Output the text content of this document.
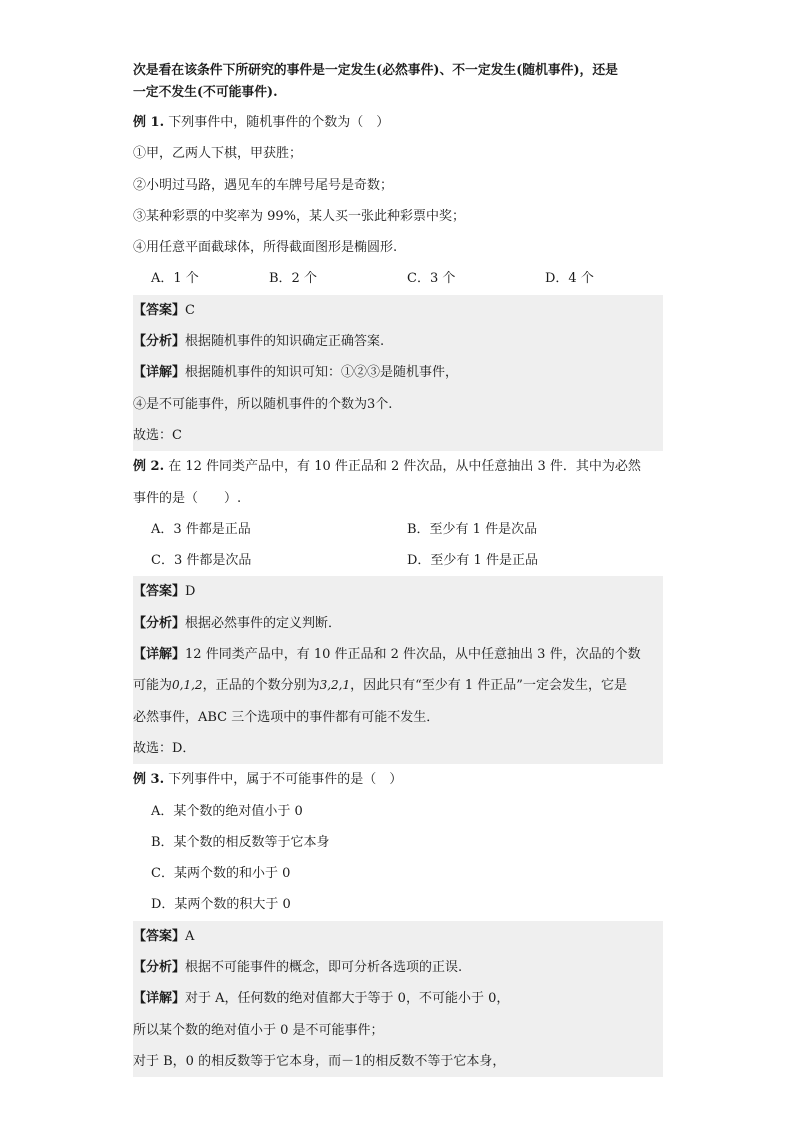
次是看在该条件下所研究的事件是一定发生(必然事件)、不一定发生(随机事件)，还是
一定不发生(不可能事件).
例 1. 下列事件中，随机事件的个数为（　）
①甲，乙两人下棋，甲获胜；
②小明过马路，遇见车的车牌号尾号是奇数；
③某种彩票的中奖率为 99%，某人买一张此种彩票中奖；
④用任意平面截球体，所得截面图形是椭圆形.
A．1 个	B．2 个	C．3 个	D．4 个
【答案】C
【分析】根据随机事件的知识确定正确答案.
【详解】根据随机事件的知识可知：①②③是随机事件，
④是不可能事件，所以随机事件的个数为3个.
故选：C
例 2. 在 12 件同类产品中，有 10 件正品和 2 件次品，从中任意抽出 3 件．其中为必然
事件的是（　　）.
A．3 件都是正品	B．至少有 1 件是次品
C．3 件都是次品	D．至少有 1 件是正品
【答案】D
【分析】根据必然事件的定义判断．
【详解】12 件同类产品中，有 10 件正品和 2 件次品，从中任意抽出 3 件，次品的个数
可能为0,1,2，正品的个数分别为3,2,1，因此只有“至少有 1 件正品”一定会发生，它是
必然事件，ABC 三个选项中的事件都有可能不发生．
故选：D．
例 3. 下列事件中，属于不可能事件的是（　）
A．某个数的绝对值小于 0
B．某个数的相反数等于它本身
C．某两个数的和小于 0
D．某两个数的积大于 0
【答案】A
【分析】根据不可能事件的概念，即可分析各选项的正误.
【详解】对于 A，任何数的绝对值都大于等于 0，不可能小于 0，
所以某个数的绝对值小于 0 是不可能事件；
对于 B，0 的相反数等于它本身，而－1的相反数不等于它本身，
